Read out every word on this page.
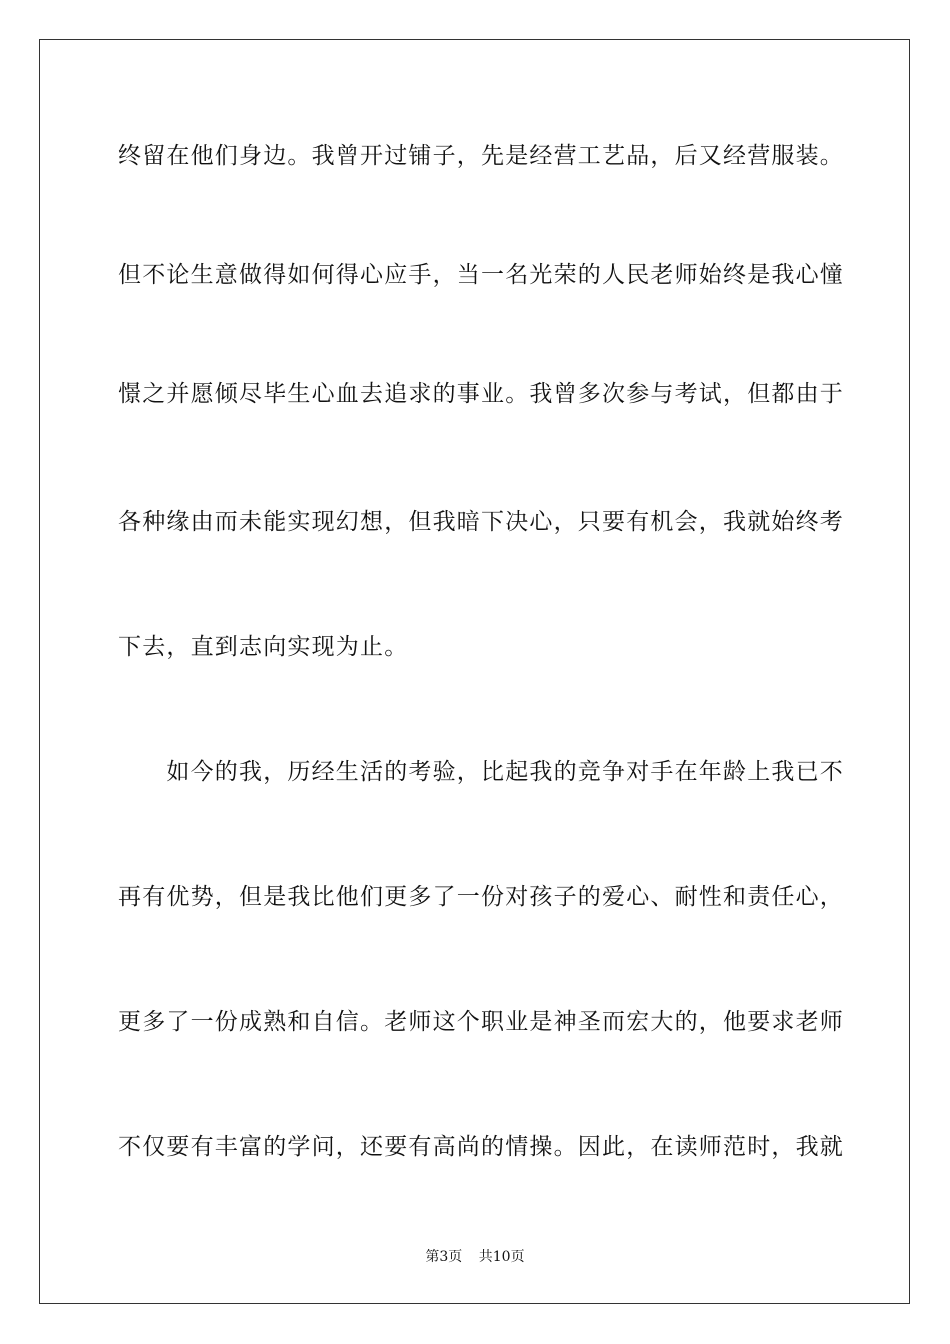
终留在他们身边。我曾开过铺子，先是经营工艺品，后又经营服装。
但不论生意做得如何得心应手，当一名光荣的人民老师始终是我心憧
憬之并愿倾尽毕生心血去追求的事业。我曾多次参与考试，但都由于
各种缘由而未能实现幻想，但我暗下决心，只要有机会，我就始终考
下去，直到志向实现为止。
　　如今的我，历经生活的考验，比起我的竞争对手在年龄上我已不
再有优势，但是我比他们更多了一份对孩子的爱心、耐性和责任心，
更多了一份成熟和自信。老师这个职业是神圣而宏大的，他要求老师
不仅要有丰富的学问，还要有高尚的情操。因此，在读师范时，我就
第3页 共10页
